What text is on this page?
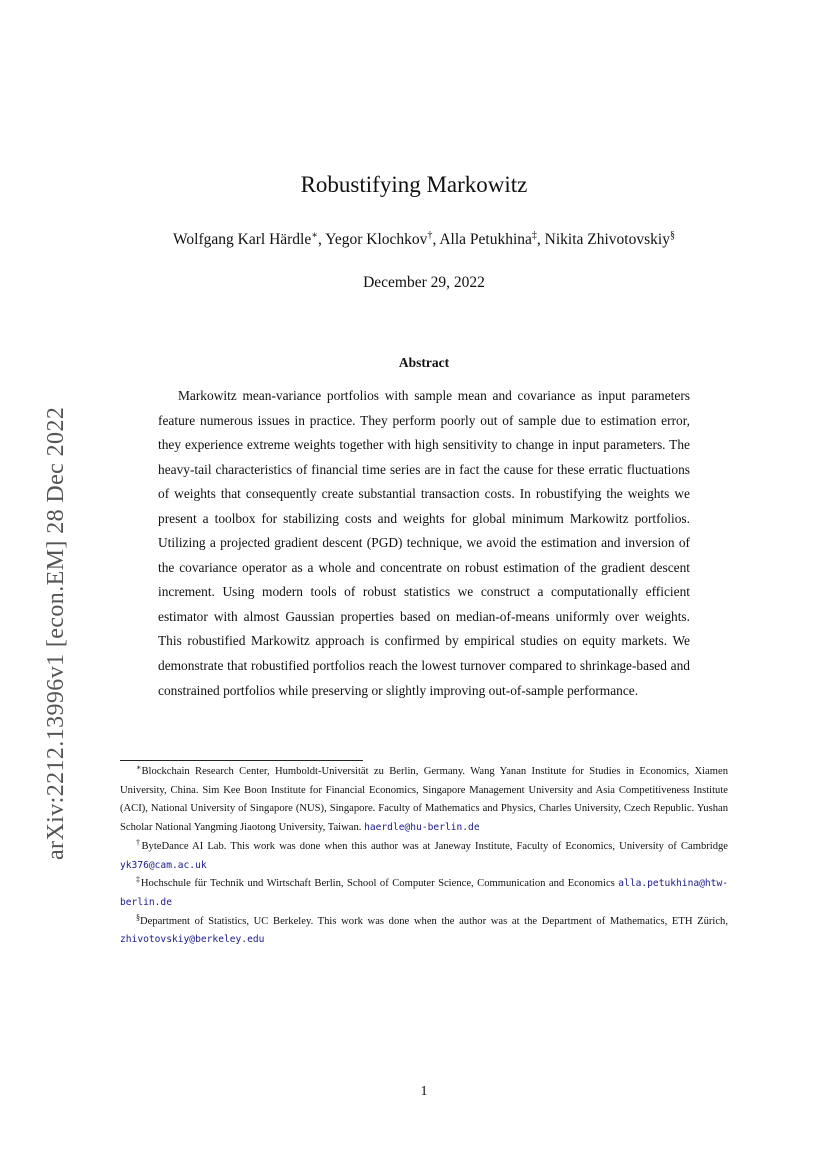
arXiv:2212.13996v1 [econ.EM] 28 Dec 2022
Robustifying Markowitz
Wolfgang Karl Härdle∗, Yegor Klochkov†, Alla Petukhina‡, Nikita Zhivotovskiy§
December 29, 2022
Abstract
Markowitz mean-variance portfolios with sample mean and covariance as input parameters feature numerous issues in practice. They perform poorly out of sample due to estimation error, they experience extreme weights together with high sensitivity to change in input parameters. The heavy-tail characteristics of financial time series are in fact the cause for these erratic fluctuations of weights that consequently create substantial transaction costs. In robustifying the weights we present a toolbox for stabilizing costs and weights for global minimum Markowitz portfolios. Utilizing a projected gradient descent (PGD) technique, we avoid the estimation and inversion of the covariance operator as a whole and concentrate on robust estimation of the gradient descent increment. Using modern tools of robust statistics we construct a computationally efficient estimator with almost Gaussian properties based on median-of-means uniformly over weights. This robustified Markowitz approach is confirmed by empirical studies on equity markets. We demonstrate that robustified portfolios reach the lowest turnover compared to shrinkage-based and constrained portfolios while preserving or slightly improving out-of-sample performance.

∗Blockchain Research Center, Humboldt-Universität zu Berlin, Germany. Wang Yanan Institute for Studies in Economics, Xiamen University, China. Sim Kee Boon Institute for Financial Economics, Singapore Management University and Asia Competitiveness Institute (ACI), National University of Singapore (NUS), Singapore. Faculty of Mathematics and Physics, Charles University, Czech Republic. Yushan Scholar National Yangming Jiaotong University, Taiwan. haerdle@hu-berlin.de

†ByteDance AI Lab. This work was done when this author was at Janeway Institute, Faculty of Economics, University of Cambridge yk376@cam.ac.uk

‡Hochschule für Technik und Wirtschaft Berlin, School of Computer Science, Communication and Economics alla.petukhina@htw-berlin.de

§Department of Statistics, UC Berkeley. This work was done when the author was at the Department of Mathematics, ETH Zürich, zhivotovskiy@berkeley.edu

1
